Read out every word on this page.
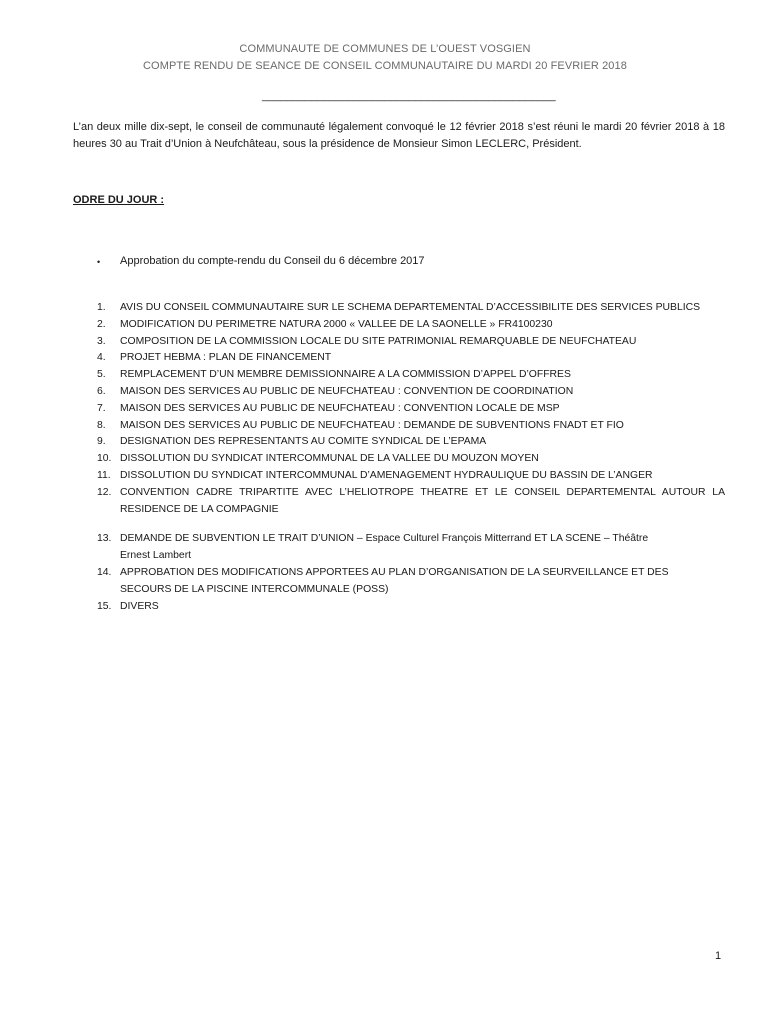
COMMUNAUTE DE COMMUNES DE L’OUEST VOSGIEN
COMPTE RENDU DE SEANCE DE CONSEIL COMMUNAUTAIRE DU MARDI 20 FEVRIER 2018
________________________________________________

L’an deux mille dix-sept, le conseil de communauté légalement convoqué le 12 février 2018 s’est réuni le mardi 20 février 2018 à 18 heures 30 au Trait d’Union à Neufchâteau, sous la présidence de Monsieur Simon LECLERC, Président.

ODRE DU JOUR :
•	Approbation du compte-rendu du Conseil du 6 décembre 2017
1.	AVIS DU CONSEIL COMMUNAUTAIRE SUR LE SCHEMA DEPARTEMENTAL D’ACCESSIBILITE DES SERVICES PUBLICS
2.	MODIFICATION DU PERIMETRE NATURA 2000 « VALLEE DE LA SAONELLE » FR4100230
3.	COMPOSITION DE LA COMMISSION LOCALE DU SITE PATRIMONIAL REMARQUABLE DE NEUFCHATEAU
4.	PROJET HEBMA : PLAN DE FINANCEMENT
5.	REMPLACEMENT D’UN MEMBRE DEMISSIONNAIRE A LA COMMISSION D’APPEL D’OFFRES
6.	MAISON DES SERVICES AU PUBLIC DE NEUFCHATEAU : CONVENTION DE COORDINATION
7.	MAISON DES SERVICES AU PUBLIC DE NEUFCHATEAU : CONVENTION LOCALE DE MSP
8.	MAISON DES SERVICES AU PUBLIC DE NEUFCHATEAU : DEMANDE DE SUBVENTIONS FNADT ET FIO
9.	DESIGNATION DES REPRESENTANTS AU COMITE SYNDICAL DE L’EPAMA
10. DISSOLUTION DU SYNDICAT INTERCOMMUNAL DE LA VALLEE DU MOUZON MOYEN
11. DISSOLUTION DU SYNDICAT INTERCOMMUNAL D’AMENAGEMENT HYDRAULIQUE DU BASSIN DE L’ANGER
12. CONVENTION CADRE TRIPARTITE AVEC L’HELIOTROPE THEATRE ET LE CONSEIL DEPARTEMENTAL AUTOUR LA
RESIDENCE DE LA COMPAGNIE
13. DEMANDE DE SUBVENTION LE TRAIT D’UNION – Espace Culturel François Mitterrand ET LA SCENE – Théâtre
Ernest Lambert
14. APPROBATION DES MODIFICATIONS APPORTEES AU PLAN D’ORGANISATION DE LA SEURVEILLANCE ET DES
SECOURS DE LA PISCINE INTERCOMMUNALE (POSS)
15. DIVERS
1
